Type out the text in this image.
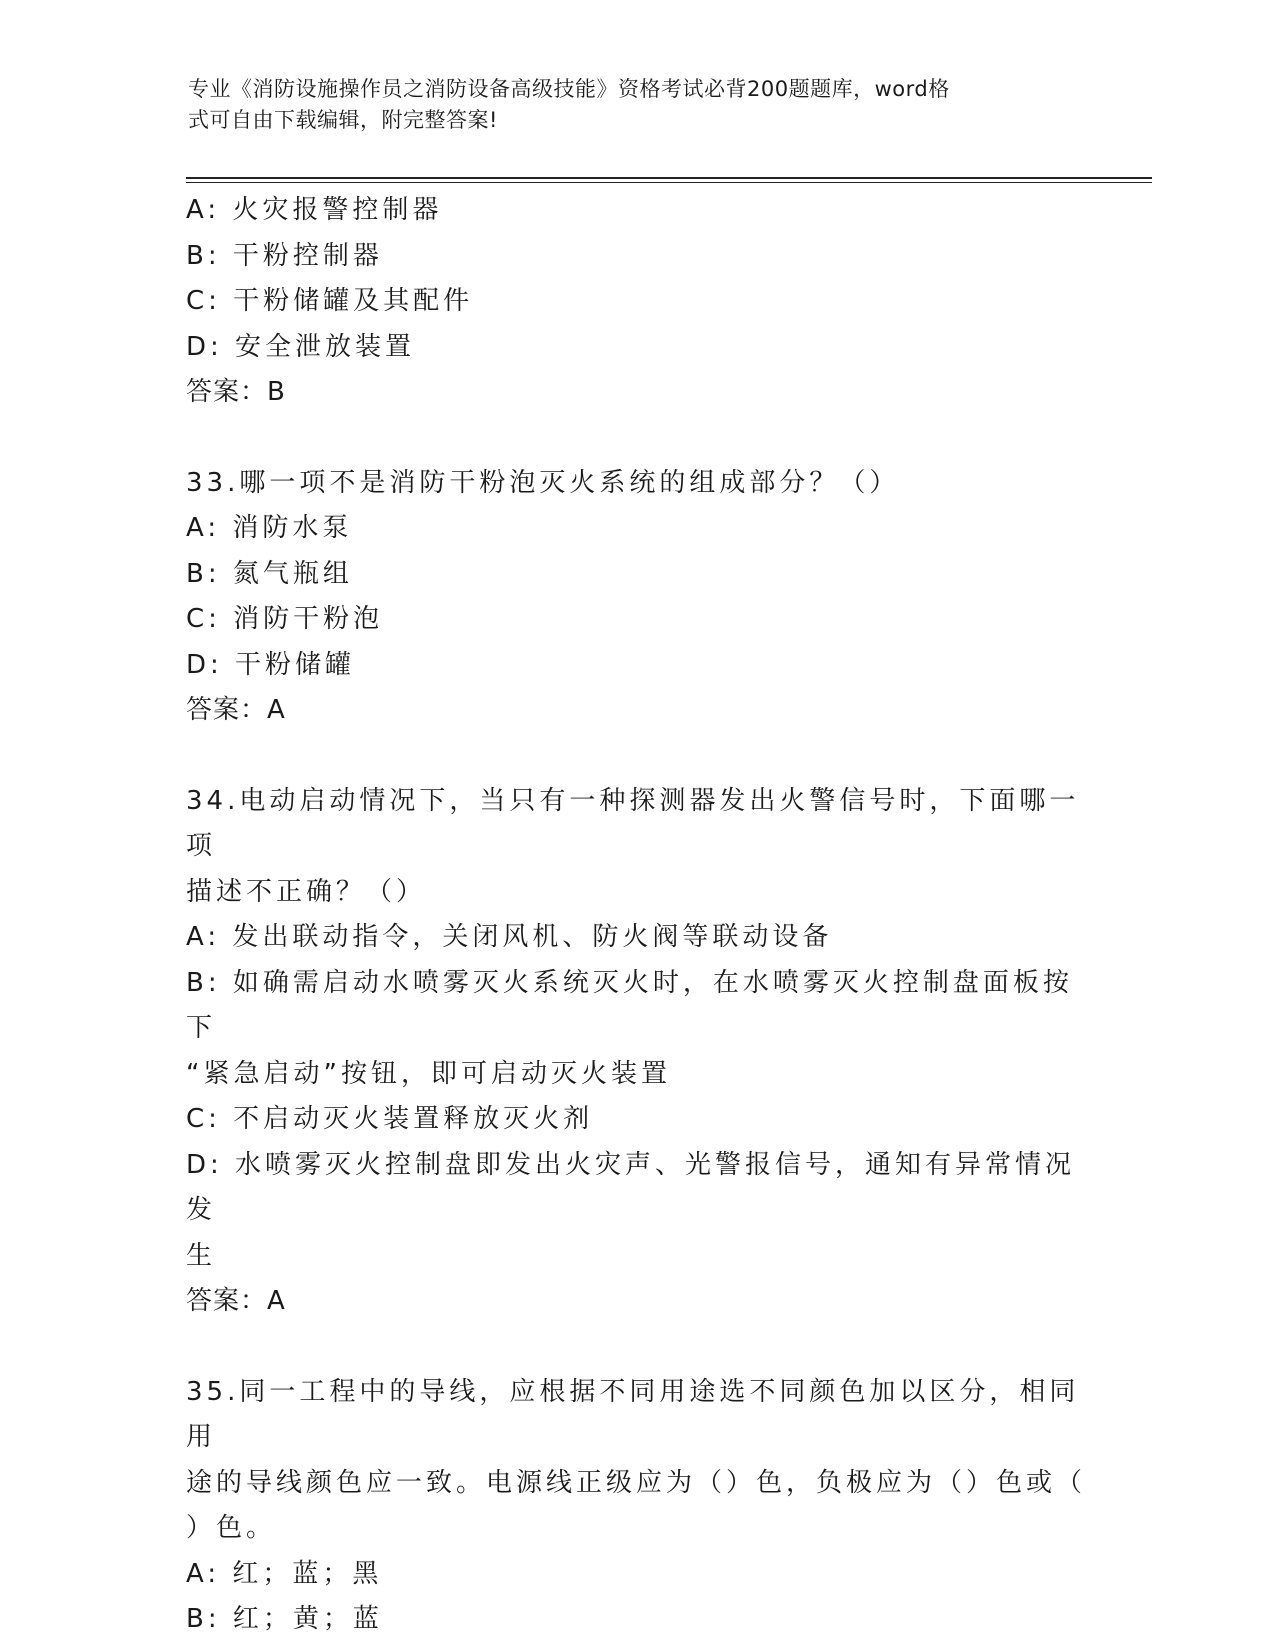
专业《消防设施操作员之消防设备高级技能》资格考试必背200题题库，word格
式可自由下载编辑，附完整答案!
A: 火灾报警控制器
B: 干粉控制器
C: 干粉储罐及其配件
D: 安全泄放装置
答案：B
33.哪一项不是消防干粉泡灭火系统的组成部分？（）
A: 消防水泵
B: 氮气瓶组
C: 消防干粉泡
D: 干粉储罐
答案：A
34.电动启动情况下，当只有一种探测器发出火警信号时，下面哪一项
描述不正确？（）
A: 发出联动指令，关闭风机、防火阀等联动设备
B: 如确需启动水喷雾灭火系统灭火时，在水喷雾灭火控制盘面板按下
“紧急启动”按钮，即可启动灭火装置
C: 不启动灭火装置释放灭火剂
D: 水喷雾灭火控制盘即发出火灾声、光警报信号，通知有异常情况发
生
答案：A
35.同一工程中的导线，应根据不同用途选不同颜色加以区分，相同用
途的导线颜色应一致。电源线正级应为（）色，负极应为（）色或（
）色。
A: 红；蓝；黑
B: 红；黄；蓝
